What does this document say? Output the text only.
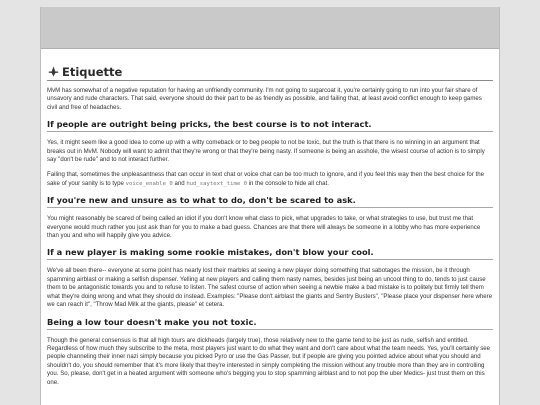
Etiquette

MvM has somewhat of a negative reputation for having an unfriendly community. I'm not going to sugarcoat it, you're certainly going to run into your fair share of unsavory and rude characters. That said, everyone should do their part to be as friendly as possible, and failing that, at least avoid conflict enough to keep games civil and free of headaches.

If people are outright being pricks, the best course is to not interact.

Yes, it might seem like a good idea to come up with a witty comeback or to beg people to not be toxic, but the truth is that there is no winning in an argument that breaks out in MvM. Nobody will want to admit that they're wrong or that they're being nasty. If someone is being an asshole, the wisest course of action is to simply say "don't be rude" and to not interact further.

Failing that, sometimes the unpleasantness that can occur in text chat or voice chat can be too much to ignore, and if you feel this way then the best choice for the sake of your sanity is to type voice_enable 0 and hud_saytext_time 0 in the console to hide all chat.

If you're new and unsure as to what to do, don't be scared to ask.

You might reasonably be scared of being called an idiot if you don't know what class to pick, what upgrades to take, or what strategies to use, but trust me that everyone would much rather you just ask than for you to make a bad guess. Chances are that there will always be someone in a lobby who has more experience than you and who will happily give you advice.

If a new player is making some rookie mistakes, don't blow your cool.

We've all been there-- everyone at some point has nearly lost their marbles at seeing a new player doing something that sabotages the mission, be it through spamming airblast or making a selfish dispenser. Yelling at new players and calling them nasty names, besides just being an uncool thing to do, tends to just cause them to be antagonistic towards you and to refuse to listen. The safest course of action when seeing a newbie make a bad mistake is to politely but firmly tell them what they're doing wrong and what they should do instead. Examples: "Please don't airblast the giants and Sentry Busters", "Please place your dispenser here where we can reach it", "Throw Mad Milk at the giants, please" et cetera.

Being a low tour doesn't make you not toxic.

Though the general consensus is that all high tours are dickheads (largely true), those relatively new to the game tend to be just as rude, selfish and entitled. Regardless of how much they subscribe to the meta, most players just want to do what they want and don't care about what the team needs. Yes, you'll certainly see people channeling their inner nazi simply because you picked Pyro or use the Gas Passer, but if people are giving you pointed advice about what you should and shouldn't do, you should remember that it's more likely that they're interested in simply completing the mission without any trouble more than they are in controlling you. So, please, don't get in a heated argument with someone who's begging you to stop spamming airblast and to not pop the uber Medics- just trust them on this one.
